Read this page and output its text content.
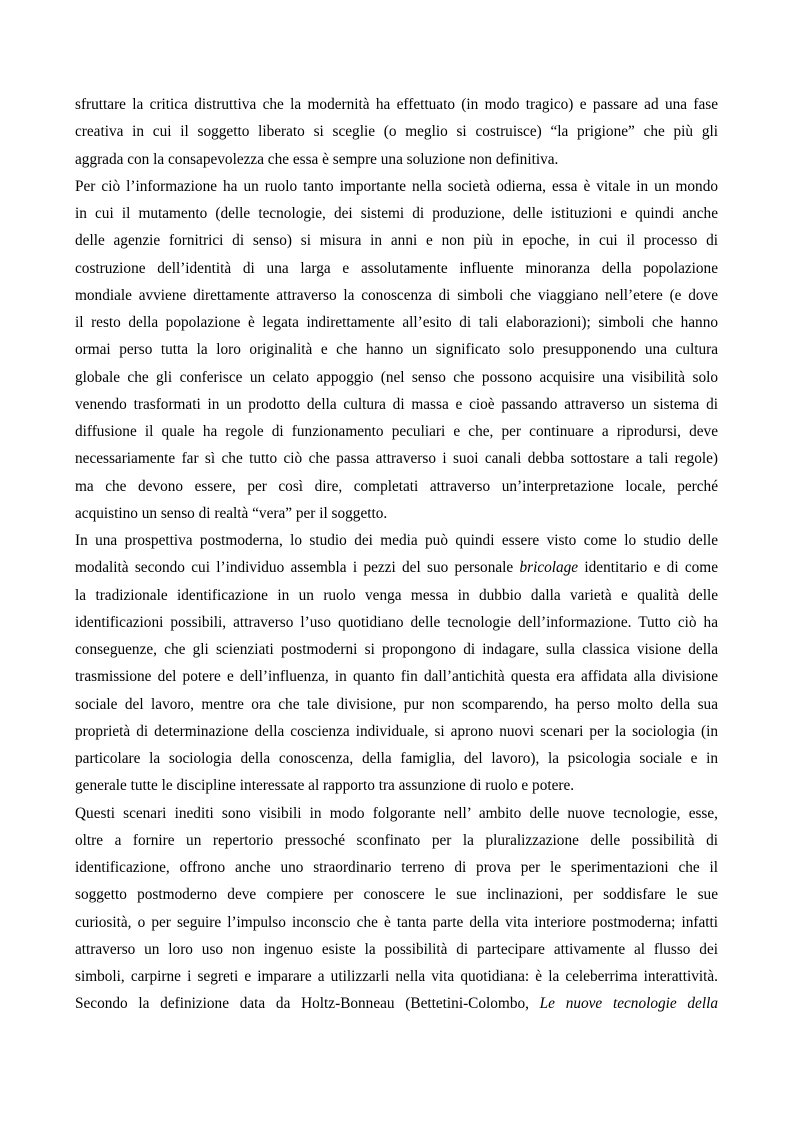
sfruttare la critica distruttiva che la modernità ha effettuato (in modo tragico) e passare ad una fase
creativa in cui il soggetto liberato si sceglie (o meglio si costruisce) “la prigione” che più gli
aggrada con la consapevolezza che essa è sempre una soluzione non definitiva.

Per ciò l’informazione ha un ruolo tanto importante nella società odierna, essa è vitale in un mondo
in cui il mutamento (delle tecnologie, dei sistemi di produzione, delle istituzioni e quindi anche
delle agenzie fornitrici di senso) si misura in anni e non più in epoche, in cui il processo di
costruzione dell’identità di una larga e assolutamente influente minoranza della popolazione
mondiale avviene direttamente attraverso la conoscenza di simboli che viaggiano nell’etere (e dove
il resto della popolazione è legata indirettamente all’esito di tali elaborazioni); simboli che hanno
ormai perso tutta la loro originalità e che hanno un significato solo presupponendo una cultura
globale che gli conferisce un celato appoggio (nel senso che possono acquisire una visibilità solo
venendo trasformati in un prodotto della cultura di massa e cioè passando attraverso un sistema di
diffusione il quale ha regole di funzionamento peculiari e che, per continuare a riprodursi, deve
necessariamente far sì che tutto ciò che passa attraverso i suoi canali debba sottostare a tali regole)
ma che devono essere, per così dire, completati attraverso un’interpretazione locale, perché
acquistino un senso di realtà “vera” per il soggetto.

In una prospettiva postmoderna, lo studio dei media può quindi essere visto come lo studio delle
modalità secondo cui l’individuo assembla i pezzi del suo personale bricolage identitario e di come
la tradizionale identificazione in un ruolo venga messa in dubbio dalla varietà e qualità delle
identificazioni possibili, attraverso l’uso quotidiano delle tecnologie dell’informazione. Tutto ciò ha
conseguenze, che gli scienziati postmoderni si propongono di indagare, sulla classica visione della
trasmissione del potere e dell’influenza, in quanto fin dall’antichità questa era affidata alla divisione
sociale del lavoro, mentre ora che tale divisione, pur non scomparendo, ha perso molto della sua
proprietà di determinazione della coscienza individuale, si aprono nuovi scenari per la sociologia (in
particolare la sociologia della conoscenza, della famiglia, del lavoro), la psicologia sociale e in
generale tutte le discipline interessate al rapporto tra assunzione di ruolo e potere.

Questi scenari inediti sono visibili in modo folgorante nell’ ambito delle nuove tecnologie, esse,
oltre a fornire un repertorio pressoché sconfinato per la pluralizzazione delle possibilità di
identificazione, offrono anche uno straordinario terreno di prova per le sperimentazioni che il
soggetto postmoderno deve compiere per conoscere le sue inclinazioni, per soddisfare le sue
curiosità, o per seguire l’impulso inconscio che è tanta parte della vita interiore postmoderna; infatti
attraverso un loro uso non ingenuo esiste la possibilità di partecipare attivamente al flusso dei
simboli, carpirne i segreti e imparare a utilizzarli nella vita quotidiana: è la celeberrima interattività.
Secondo la definizione data da Holtz-Bonneau (Bettetini-Colombo, Le nuove tecnologie della
